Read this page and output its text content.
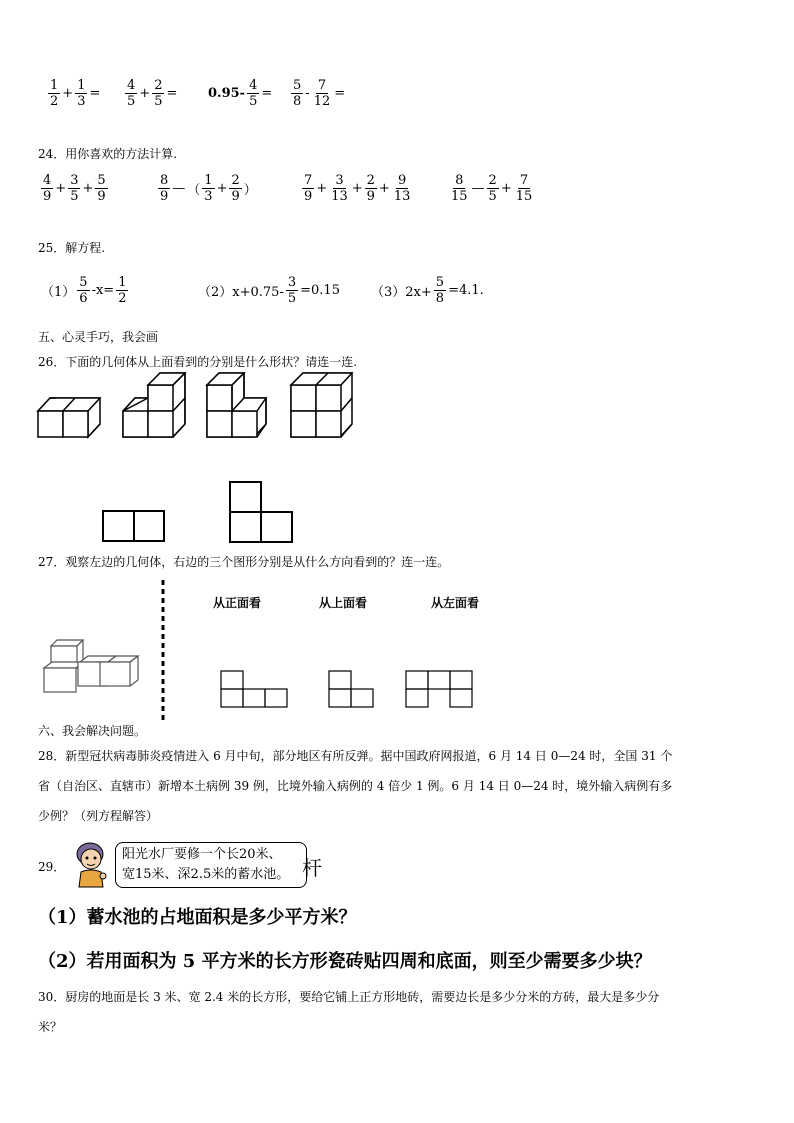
$\frac{1}{2} + \frac{1}{3} = \frac{4}{5} + \frac{2}{5} = 0.95- \frac{4}{5} = \frac{5}{8} - \frac{7}{12}$ =
24．用你喜欢的方法计算.
$\frac{4}{9} + \frac{3}{5} + \frac{5}{9}$	$\frac{8}{9}$ — （ $\frac{1}{3} + \frac{2}{9}$ ）	$\frac{7}{9} + \frac{3}{13} + \frac{2}{9} + \frac{9}{13}$	$\frac{8}{15}$ — $\frac{2}{5} + \frac{7}{15}$
25．解方程.
$(1) \frac{5}{6} -x= \frac{1}{2}$	$(2)x+0.75- \frac{3}{5} =0.15$ $(3)2x+ \frac{5}{8} =4.1$.
五、心灵手巧，我会画
26．下面的几何体从上面看到的分别是什么形状？请连一连.
27．观察左边的几何体，右边的三个图形分别是从什么方向看到的？连一连。
从正面看	从上面看	从左面看
六、我会解决问题。
28．新型冠状病毒肺炎疫情进入 6 月中旬，部分地区有所反弹。据中国政府网报道，6 月 14 日 0—24 时，全国 31 个
省（自治区、直辖市）新增本土病例 39 例，比境外输入病例的 4 倍少 1 例。6 月 14 日 0—24 时，境外输入病例有多
少例？（列方程解答）
29．
阳光水厂要修一个长20米、
宽15米、深2.5米的蓄水池。 杆
（1）蓄水池的占地面积是多少平方米？
（2）若用面积为 5 平方米的长方形瓷砖贴四周和底面，则至少需要多少块？
30．厨房的地面是长 3 米、宽 2.4 米的长方形，要给它铺上正方形地砖，需要边长是多少分米的方砖，最大是多少分
米？
